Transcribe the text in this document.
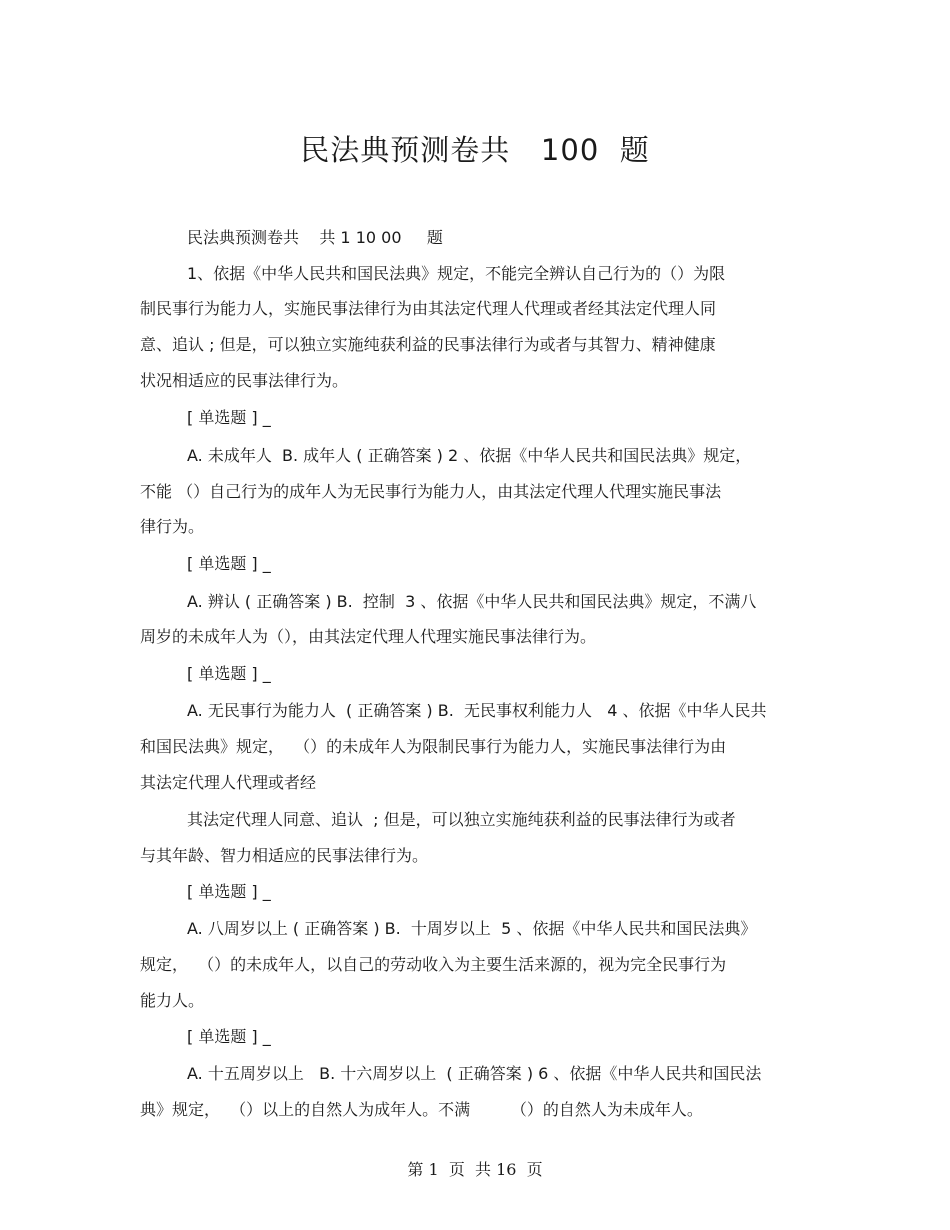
民法典预测卷共   100  题

民法典预测卷共    共 1 10 00     题

1、依据《中华人民共和国民法典》规定，不能完全辨认自己行为的（）为限

制民事行为能力人，实施民事法律行为由其法定代理人代理或者经其法定代理人同

意、追认 ; 但是，可以独立实施纯获利益的民事法律行为或者与其智力、精神健康

状况相适应的民事法律行为。

[ 单选题 ] _

A. 未成年人  B. 成年人 ( 正确答案 ) 2 、依据《中华人民共和国民法典》规定，

不能 （）自己行为的成年人为无民事行为能力人，由其法定代理人代理实施民事法

律行为。

[ 单选题 ] _

A. 辨认 ( 正确答案 ) B.  控制  3 、依据《中华人民共和国民法典》规定，不满八

周岁的未成年人为（），由其法定代理人代理实施民事法律行为。

[ 单选题 ] _

A. 无民事行为能力人  ( 正确答案 ) B.  无民事权利能力人   4 、依据《中华人民共

和国民法典》规定，  （）的未成年人为限制民事行为能力人，实施民事法律行为由

其法定代理人代理或者经

其法定代理人同意、追认  ; 但是，可以独立实施纯获利益的民事法律行为或者

与其年龄、智力相适应的民事法律行为。

[ 单选题 ] _

A. 八周岁以上 ( 正确答案 ) B.  十周岁以上  5 、依据《中华人民共和国民法典》

规定，  （）的未成年人，以自己的劳动收入为主要生活来源的，视为完全民事行为

能力人。

[ 单选题 ] _

A. 十五周岁以上   B. 十六周岁以上  ( 正确答案 ) 6 、依据《中华人民共和国民法

典》规定，  （）以上的自然人为成年人。不满        （）的自然人为未成年人。

第 1  页  共 16  页
